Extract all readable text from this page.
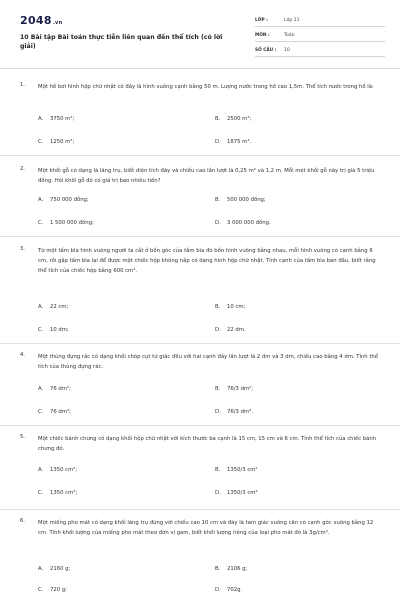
2048.vn
10 Bài tập Bài toán thực tiễn liên quan đến thể tích (có lời giải)
LỚP :	Lớp 11
MÔN :	Toán
SỐ CÂU :	10
1. Một hồ bơi hình hộp chữ nhật có đáy là hình vuông cạnh bằng 50 m. Lượng nước trong hồ cao 1,5m. Thể tích nước trong hồ là:
A.	3750 m³;	B.	2500 m³;
C.	1250 m³;	D.	1875 m³.
2. Một khối gỗ có dạng là lăng trụ, biết diện tích đáy và chiều cao lần lượt là 0,25 m² và 1,2 m. Mỗi mét khối gỗ này trị giá 5 triệu đồng. Hỏi khối gỗ đó có giá trị bao nhiêu tiền?
A.	750 000 đồng;	B.	500 000 đồng;
C.	1 500 000 đồng;	D.	3 000 000 đồng.
3. Từ một tấm bìa hình vuông người ta cắt ở bốn góc của tấm bìa đó bốn hình vuông bằng nhau, mỗi hình vuông có cạnh bằng 6 cm, rồi gập tấm bìa lại để được một chiếc hộp không nắp có dạng hình hộp chữ nhật. Tính cạnh của tấm bìa ban đầu, biết rằng thể tích của chiếc hộp bằng 600 cm³.
A.	22 cm;	B.	10 cm;
C.	10 dm;	D.	22 dm.
4. Một thùng đựng rác có dạng khối chóp cụt tứ giác đều với hai cạnh đáy lần lượt là 2 dm và 3 dm, chiều cao bằng 4 dm. Tính thể tích của thùng đựng rác.
A.	76 dm²;	B.	76/3 dm²;
C.	76 dm³;	D.	76/3 dm³.
5. Một chiếc bánh chưng có dạng khối hộp chữ nhật với kích thước ba cạnh là 15 cm, 15 cm và 6 cm. Tính thể tích của chiếc bánh chưng đó.
A.	1350 cm²;	B.	1350/3 cm²
C.	1350 cm³;	D.	1350/3 cm³
6. Một miếng pho mát có dạng khối lăng trụ đứng với chiều cao 10 cm và đáy là tam giác vuông cân có cạnh góc vuông bằng 12 cm. Tính khối lượng của miếng pho mát theo đơn vị gam, biết khối lượng riêng của loại pho mát đó là 3g/cm³.
A.	2160 g;	B.	2106 g;
C.	720 g;	D.	702g.
